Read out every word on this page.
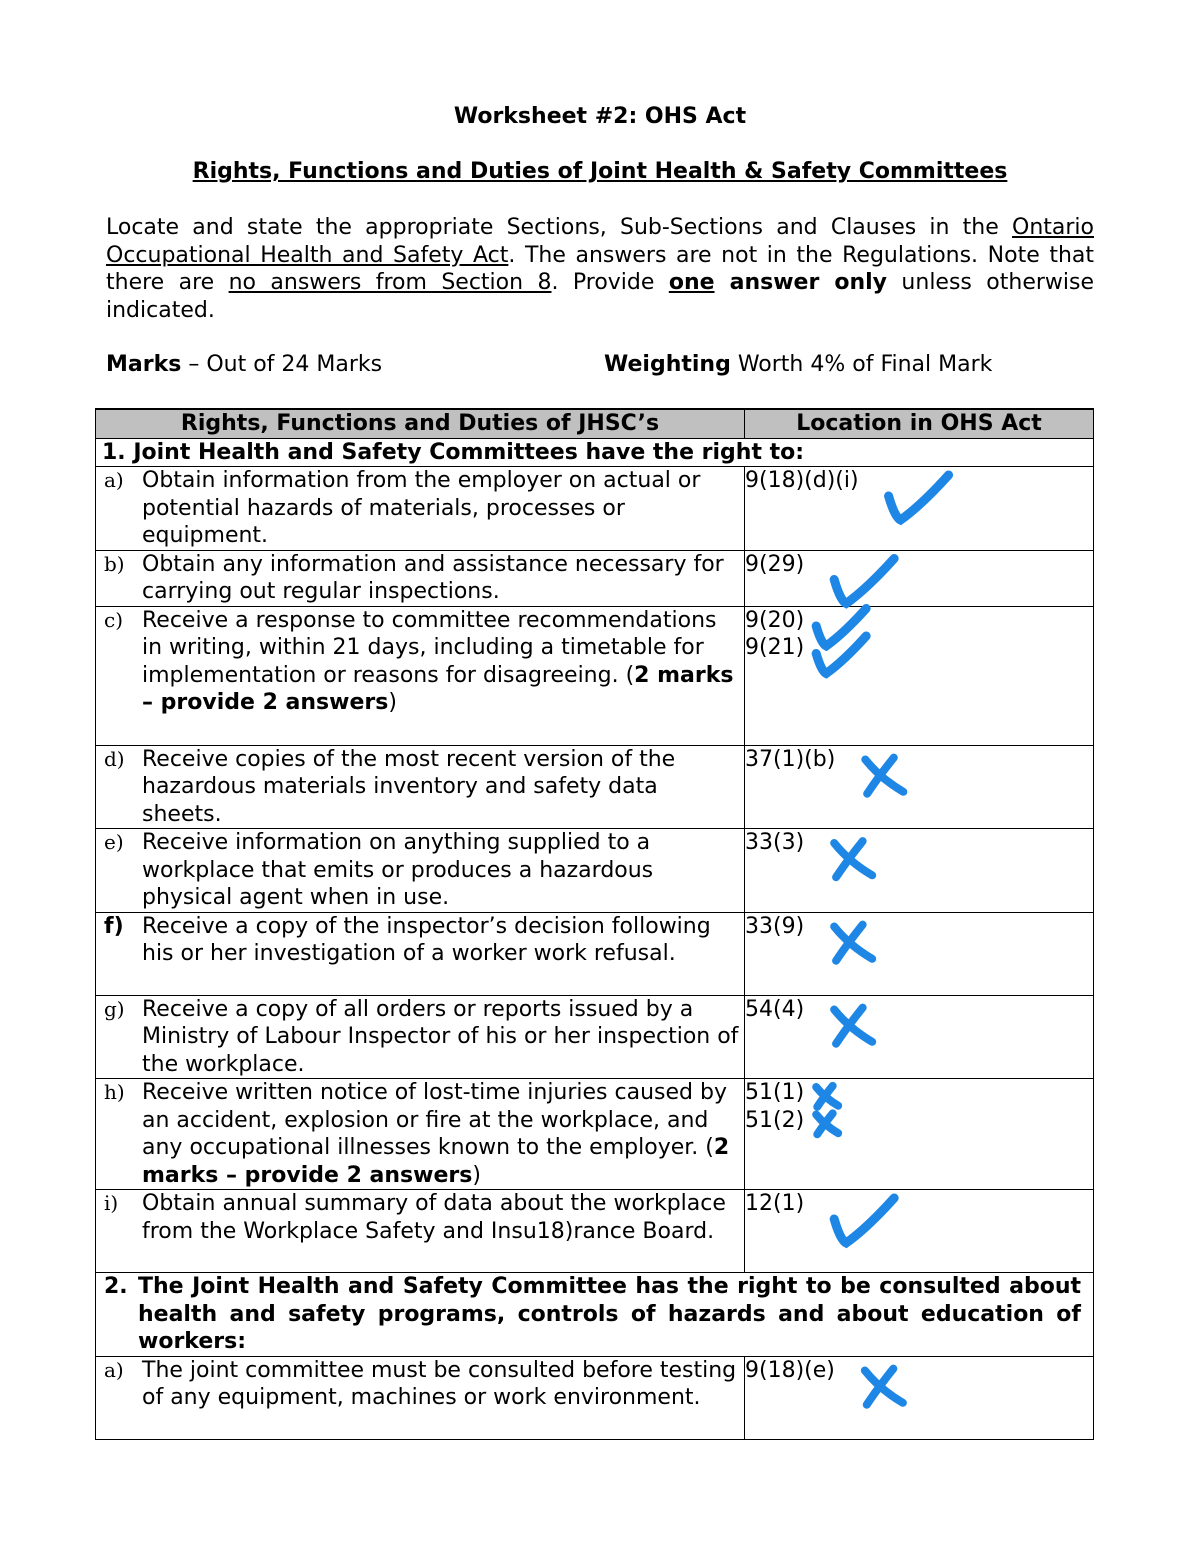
Worksheet #2: OHS Act
Rights, Functions and Duties of Joint Health & Safety Committees
Locate and state the appropriate Sections, Sub-Sections and Clauses in the Ontario Occupational Health and Safety Act. The answers are not in the Regulations. Note that there are no answers from Section 8. Provide one answer only unless otherwise indicated.
Marks – Out of 24 Marks	Weighting Worth 4% of Final Mark
Rights, Functions and Duties of JHSC’s	Location in OHS Act
1. Joint Health and Safety Committees have the right to:	

a) Obtain information from the employer on actual or potential hazards of materials, processes or equipment.	9(18)(d)(i)

b) Obtain any information and assistance necessary for carrying out regular inspections.	9(29)

c) Receive a response to committee recommendations in writing, within 21 days, including a timetable for implementation or reasons for disagreeing. (2 marks – provide 2 answers)	9(20)
9(21)

d) Receive copies of the most recent version of the hazardous materials inventory and safety data sheets.	37(1)(b)

e) Receive information on anything supplied to a workplace that emits or produces a hazardous physical agent when in use.	33(3)

f) Receive a copy of the inspector’s decision following his or her investigation of a worker work refusal.	33(9)

g) Receive a copy of all orders or reports issued by a Ministry of Labour Inspector of his or her inspection of the workplace.	54(4)

h) Receive written notice of lost-time injuries caused by an accident, explosion or fire at the workplace, and any occupational illnesses known to the employer. (2 marks – provide 2 answers)	51(1)
51(2)

i) Obtain annual summary of data about the workplace from the Workplace Safety and Insu18)rance Board.	12(1)

2. The Joint Health and Safety Committee has the right to be consulted about health and safety programs, controls of hazards and about education of workers:	

a) The joint committee must be consulted before testing of any equipment, machines or work environment.	9(18)(e)
